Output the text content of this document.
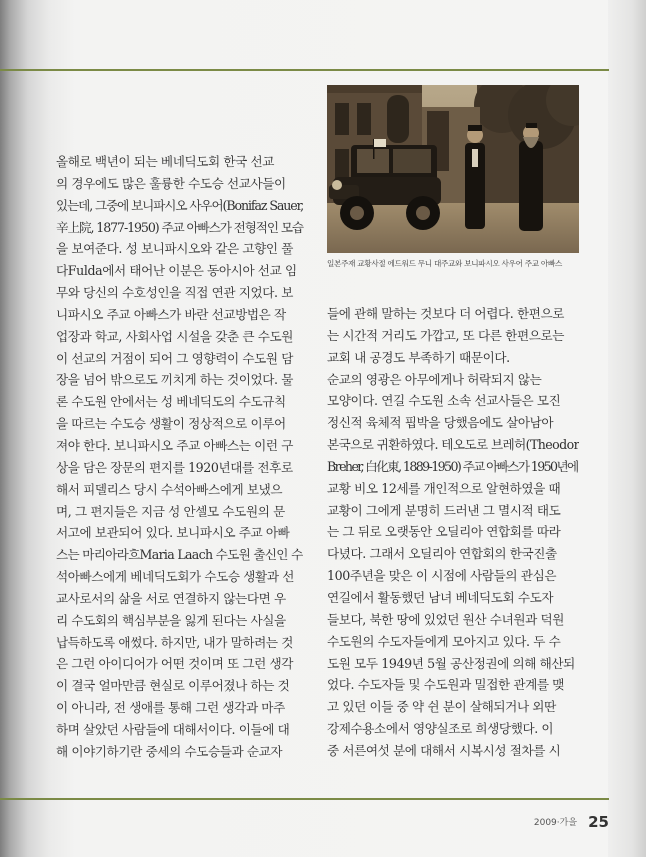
올해로 백년이 되는 베네딕도회 한국 선교
의 경우에도 많은 훌륭한 수도승 선교사들이
있는데, 그중에 보니파시오 사우어(Bonifaz Sauer,
辛上院, 1877-1950) 주교 아빠스가 전형적인 모습
을 보여준다. 성 보니파시오와 같은 고향인 풀
다Fulda에서 태어난 이분은 동아시아 선교 임
무와 당신의 수호성인을 직접 연관 지었다. 보
니파시오 주교 아빠스가 바란 선교방법은 작
업장과 학교, 사회사업 시설을 갖춘 큰 수도원
이 선교의 거점이 되어 그 영향력이 수도원 담
장을 넘어 밖으로도 끼치게 하는 것이었다. 물
론 수도원 안에서는 성 베네딕도의 수도규칙
을 따르는 수도승 생활이 정상적으로 이루어
져야 한다. 보니파시오 주교 아빠스는 이런 구
상을 담은 장문의 편지를 1920년대를 전후로
해서 피델리스 당시 수석아빠스에게 보냈으
며, 그 편지들은 지금 성 안셀모 수도원의 문
서고에 보관되어 있다. 보니파시오 주교 아빠
스는 마리아라흐Maria Laach 수도원 출신인 수
석아빠스에게 베네딕도회가 수도승 생활과 선
교사로서의 삶을 서로 연결하지 않는다면 우
리 수도회의 핵심부분을 잃게 된다는 사실을
납득하도록 애썼다. 하지만, 내가 말하려는 것
은 그런 아이디어가 어떤 것이며 또 그런 생각
이 결국 얼마만큼 현실로 이루어졌나 하는 것
이 아니라, 전 생애를 통해 그런 생각과 마주
하며 살았던 사람들에 대해서이다. 이들에 대
해 이야기하기란 중세의 수도승들과 순교자
일본주재 교황사절 에드워드 무니 대주교와 보니파시오 사우어 주교 아빠스
들에 관해 말하는 것보다 더 어렵다. 한편으로
는 시간적 거리도 가깝고, 또 다른 한편으로는
교회 내 공경도 부족하기 때문이다.
순교의 영광은 아무에게나 허락되지 않는
모양이다. 연길 수도원 소속 선교사들은 모진
정신적 육체적 핍박을 당했음에도 살아남아
본국으로 귀환하였다. 테오도로 브레허(Theodor
Breher, 白化東, 1889-1950) 주교 아빠스가 1950년에
교황 비오 12세를 개인적으로 알현하였을 때
교황이 그에게 분명히 드러낸 그 멸시적 태도
는 그 뒤로 오랫동안 오딜리아 연합회를 따라
다녔다. 그래서 오딜리아 연합회의 한국진출
100주년을 맞은 이 시점에 사람들의 관심은
연길에서 활동했던 남녀 베네딕도회 수도자
들보다, 북한 땅에 있었던 원산 수녀원과 덕원
수도원의 수도자들에게 모아지고 있다. 두 수
도원 모두 1949년 5월 공산정권에 의해 해산되
었다. 수도자들 및 수도원과 밀접한 관계를 맺
고 있던 이들 중 약 쉰 분이 살해되거나 외딴
강제수용소에서 영양실조로 희생당했다. 이
중 서른여섯 분에 대해서 시복시성 절차를 시
2009·가을 25
